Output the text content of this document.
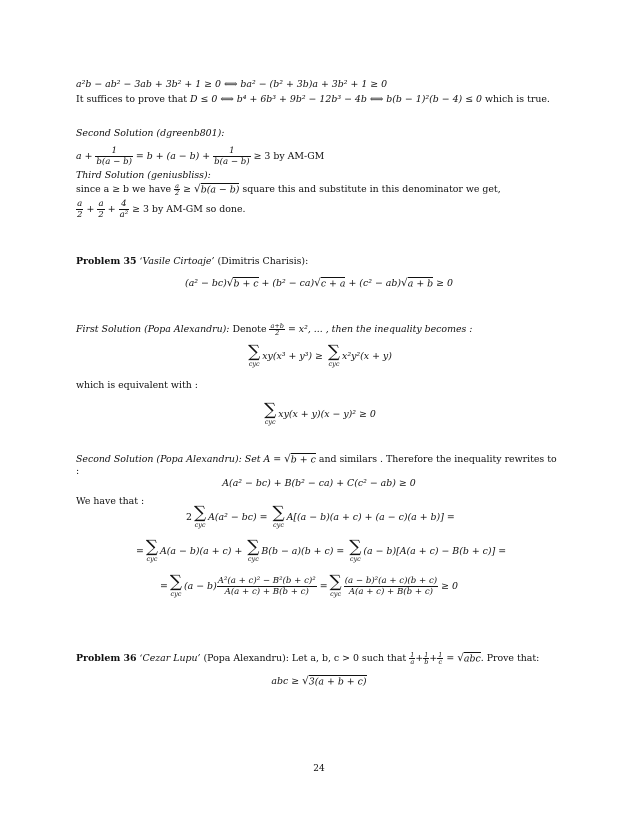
a²b − ab² − 3ab + 3b² + 1 ≥ 0 ⟺ ba² − (b² + 3b)a + 3b² + 1 ≥ 0
It suffices to prove that D ≤ 0 ⟺ b⁴ + 6b³ + 9b² − 12b³ − 4b ⟺ b(b − 1)²(b − 4) ≤ 0 which is true.
Second Solution (dgreenb801):
$a + \frac{1}{b(a - b)} = b + (a - b) + \frac{1}{b(a - b)} \ge 3$ by AM-GM
Third Solution (geniusbliss):
since a ≥ b we have $\frac{a}{2} \ge √b(a - b)$ square this and substitute in this denominator we get,
$\frac{a}{2} + \frac{a}{2} + \frac{4}{\text{a²}} \ge 3$ by AM-GM so done.
Problem 35 ‘Vasile Cirtoaje’ (Dimitris Charisis):
(a² − bc)√b + c + (b² − ca)√c + a + (c² − ab)√a + b ≥ 0
First Solution (Popa Alexandru): Denote $\frac{a+b}{2} = x^2$, ... , then the inequality becomes :
∑
cyc
xy(x³ + y³) ≥ ∑
cyc
x²y²(x + y)
which is equivalent with :
∑
cyc
xy(x + y)(x − y)² ≥ 0
Second Solution (Popa Alexandru): Set A = √b + c and similars . Therefore the inequality rewrites to
:
A(a² − bc) + B(b² − ca) + C(c² − ab) ≥ 0
We have that :
2 ∑
cyc
A(a² − bc) = ∑
cyc
A[(a − b)(a + c) + (a − c)(a + b)] =
= ∑
cyc
A(a − b)(a + c) + ∑
cyc
B(b − a)(b + c) = ∑
cyc
(a − b)[A(a + c) − B(b + c)] =
= ∑
cyc
$(a - b) \frac{\text{A²(a + c)² − B²(b + c)²}}{A(a + c) + B(b + c)}$ = ∑
cyc $\frac{\text{(a − b)²(a + c)(b + c)}}{A(a + c) + B(b + c)} \ge 0$
Problem 36 ‘Cezar Lupu’ (Popa Alexandru): Let a, b, c > 0 such that $\frac{1}{a} + \frac{1}{b} + \frac{1}{c} = √abc$. Prove that:
abc ≥ √3(a + b + c)
24
